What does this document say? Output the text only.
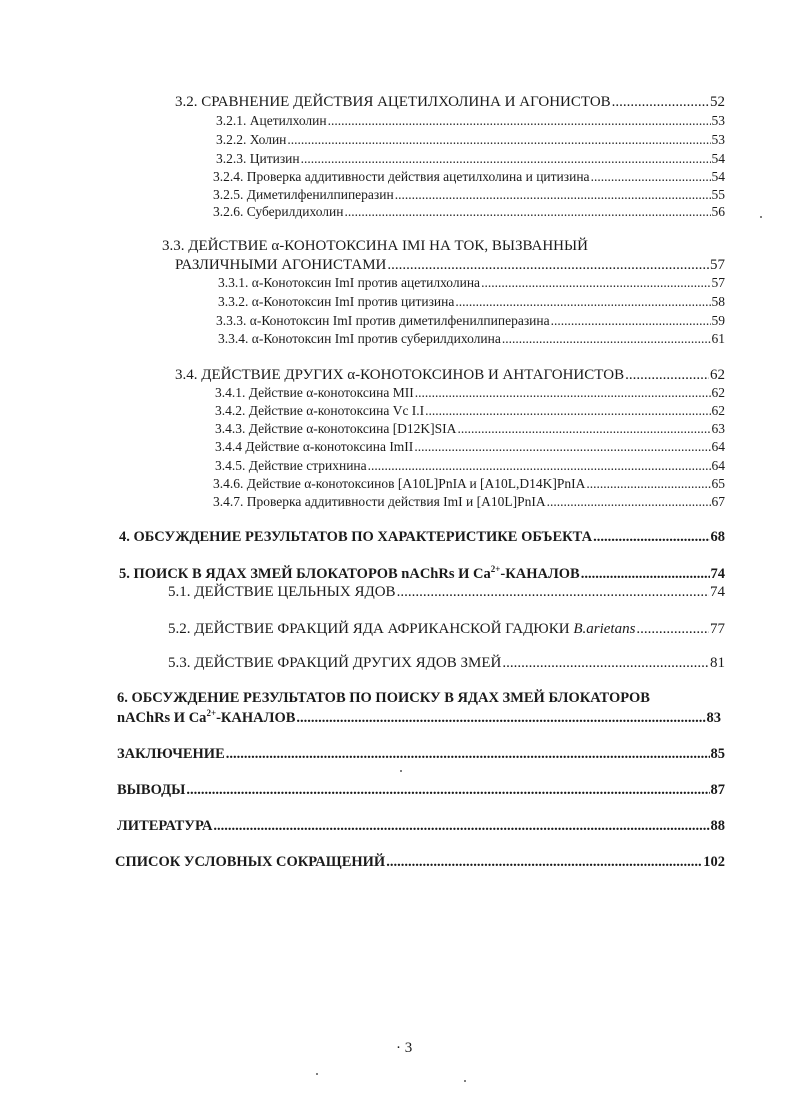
3.2. СРАВНЕНИЕ ДЕЙСТВИЯ АЦЕТИЛХОЛИНА И АГОНИСТОВ .....	52
3.2.1. Ацетилхолин .....	53
3.2.2. Холин .....	53
3.2.3. Цитизин .....	54
3.2.4. Проверка аддитивности действия ацетилхолина и цитизина .....	54
3.2.5. Диметилфенилпиперазин .....	55
3.2.6. Суберилдихолин .....	56
3.3. ДЕЙСТВИЕ α-КОНОТОКСИНА IMI НА ТОК, ВЫЗВАННЫЙ
РАЗЛИЧНЫМИ АГОНИСТАМИ .....	57
3.3.1. α-Конотоксин ImI против ацетилхолина .....	57
3.3.2. α-Конотоксин ImI против цитизина .....	58
3.3.3. α-Конотоксин ImI против диметилфенилпиперазина .....	59
3.3.4. α-Конотоксин ImI против суберилдихолина .....	61
3.4. ДЕЙСТВИЕ ДРУГИХ α-КОНОТОКСИНОВ И АНТАГОНИСТОВ .....	62
3.4.1. Действие α-конотоксина MII .....	62
3.4.2. Действие α-конотоксина Vc I.I .....	62
3.4.3. Действие α-конотоксина [D12K]SIA .....	63
3.4.4 Действие α-конотоксина ImII .....	64
3.4.5. Действие стрихнина .....	64
3.4.6. Действие α-конотоксинов [A10L]PnIA и [A10L,D14K]PnIA .....	65
3.4.7. Проверка аддитивности действия ImI и [A10L]PnIA .....	67
4. ОБСУЖДЕНИЕ РЕЗУЛЬТАТОВ ПО ХАРАКТЕРИСТИКЕ ОБЪЕКТА .....	68
5. ПОИСК В ЯДАХ ЗМЕЙ БЛОКАТОРОВ nAChRs И $Ca^{2+}$-КАНАЛОВ .....	74
5.1. ДЕЙСТВИЕ ЦЕЛЬНЫХ ЯДОВ .....	74
5.2. ДЕЙСТВИЕ ФРАКЦИЙ ЯДА АФРИКАНСКОЙ ГАДЮКИ B.arietans .....	77
5.3. ДЕЙСТВИЕ ФРАКЦИЙ ДРУГИХ ЯДОВ ЗМЕЙ .....	81
6. ОБСУЖДЕНИЕ РЕЗУЛЬТАТОВ ПО ПОИСКУ В ЯДАХ ЗМЕЙ БЛОКАТОРОВ
nAChRs И $Ca^{2+}$-КАНАЛОВ .....	83
ЗАКЛЮЧЕНИЕ .....	85
ВЫВОДЫ .....	87
ЛИТЕРАТУРА .....	88
СПИСОК УСЛОВНЫХ СОКРАЩЕНИЙ .....	102
· 3
